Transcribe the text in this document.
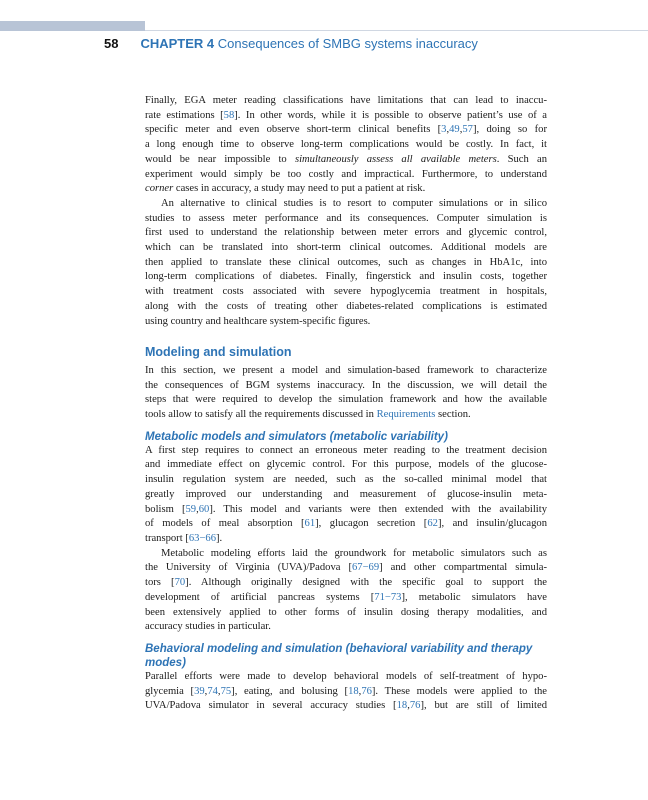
58 CHAPTER 4 Consequences of SMBG systems inaccuracy
Finally, EGA meter reading classifications have limitations that can lead to inaccu-
rate estimations [58]. In other words, while it is possible to observe patient’s use of a
specific meter and even observe short-term clinical benefits [3,49,57], doing so for
a long enough time to observe long-term complications would be costly. In fact, it
would be near impossible to simultaneously assess all available meters. Such an
experiment would simply be too costly and impractical. Furthermore, to understand
corner cases in accuracy, a study may need to put a patient at risk.
An alternative to clinical studies is to resort to computer simulations or in silico
studies to assess meter performance and its consequences. Computer simulation is
first used to understand the relationship between meter errors and glycemic control,
which can be translated into short-term clinical outcomes. Additional models are
then applied to translate these clinical outcomes, such as changes in HbA1c, into
long-term complications of diabetes. Finally, fingerstick and insulin costs, together
with treatment costs associated with severe hypoglycemia treatment in hospitals,
along with the costs of treating other diabetes-related complications is estimated
using country and healthcare system-specific figures.
Modeling and simulation
In this section, we present a model and simulation-based framework to characterize
the consequences of BGM systems inaccuracy. In the discussion, we will detail the
steps that were required to develop the simulation framework and how the available
tools allow to satisfy all the requirements discussed in Requirements section.
Metabolic models and simulators (metabolic variability)
A first step requires to connect an erroneous meter reading to the treatment decision
and immediate effect on glycemic control. For this purpose, models of the glucose-
insulin regulation system are needed, such as the so-called minimal model that
greatly improved our understanding and measurement of glucose-insulin meta-
bolism [59,60]. This model and variants were then extended with the availability
of models of meal absorption [61], glucagon secretion [62], and insulin/glucagon
transport [63−66].
Metabolic modeling efforts laid the groundwork for metabolic simulators such as
the University of Virginia (UVA)/Padova [67−69] and other compartmental simula-
tors [70]. Although originally designed with the specific goal to support the
development of artificial pancreas systems [71−73], metabolic simulators have
been extensively applied to other forms of insulin dosing therapy modalities, and
accuracy studies in particular.
Behavioral modeling and simulation (behavioral variability and therapy
modes)
Parallel efforts were made to develop behavioral models of self-treatment of hypo-
glycemia [39,74,75], eating, and bolusing [18,76]. These models were applied to the
UVA/Padova simulator in several accuracy studies [18,76], but are still of limited
